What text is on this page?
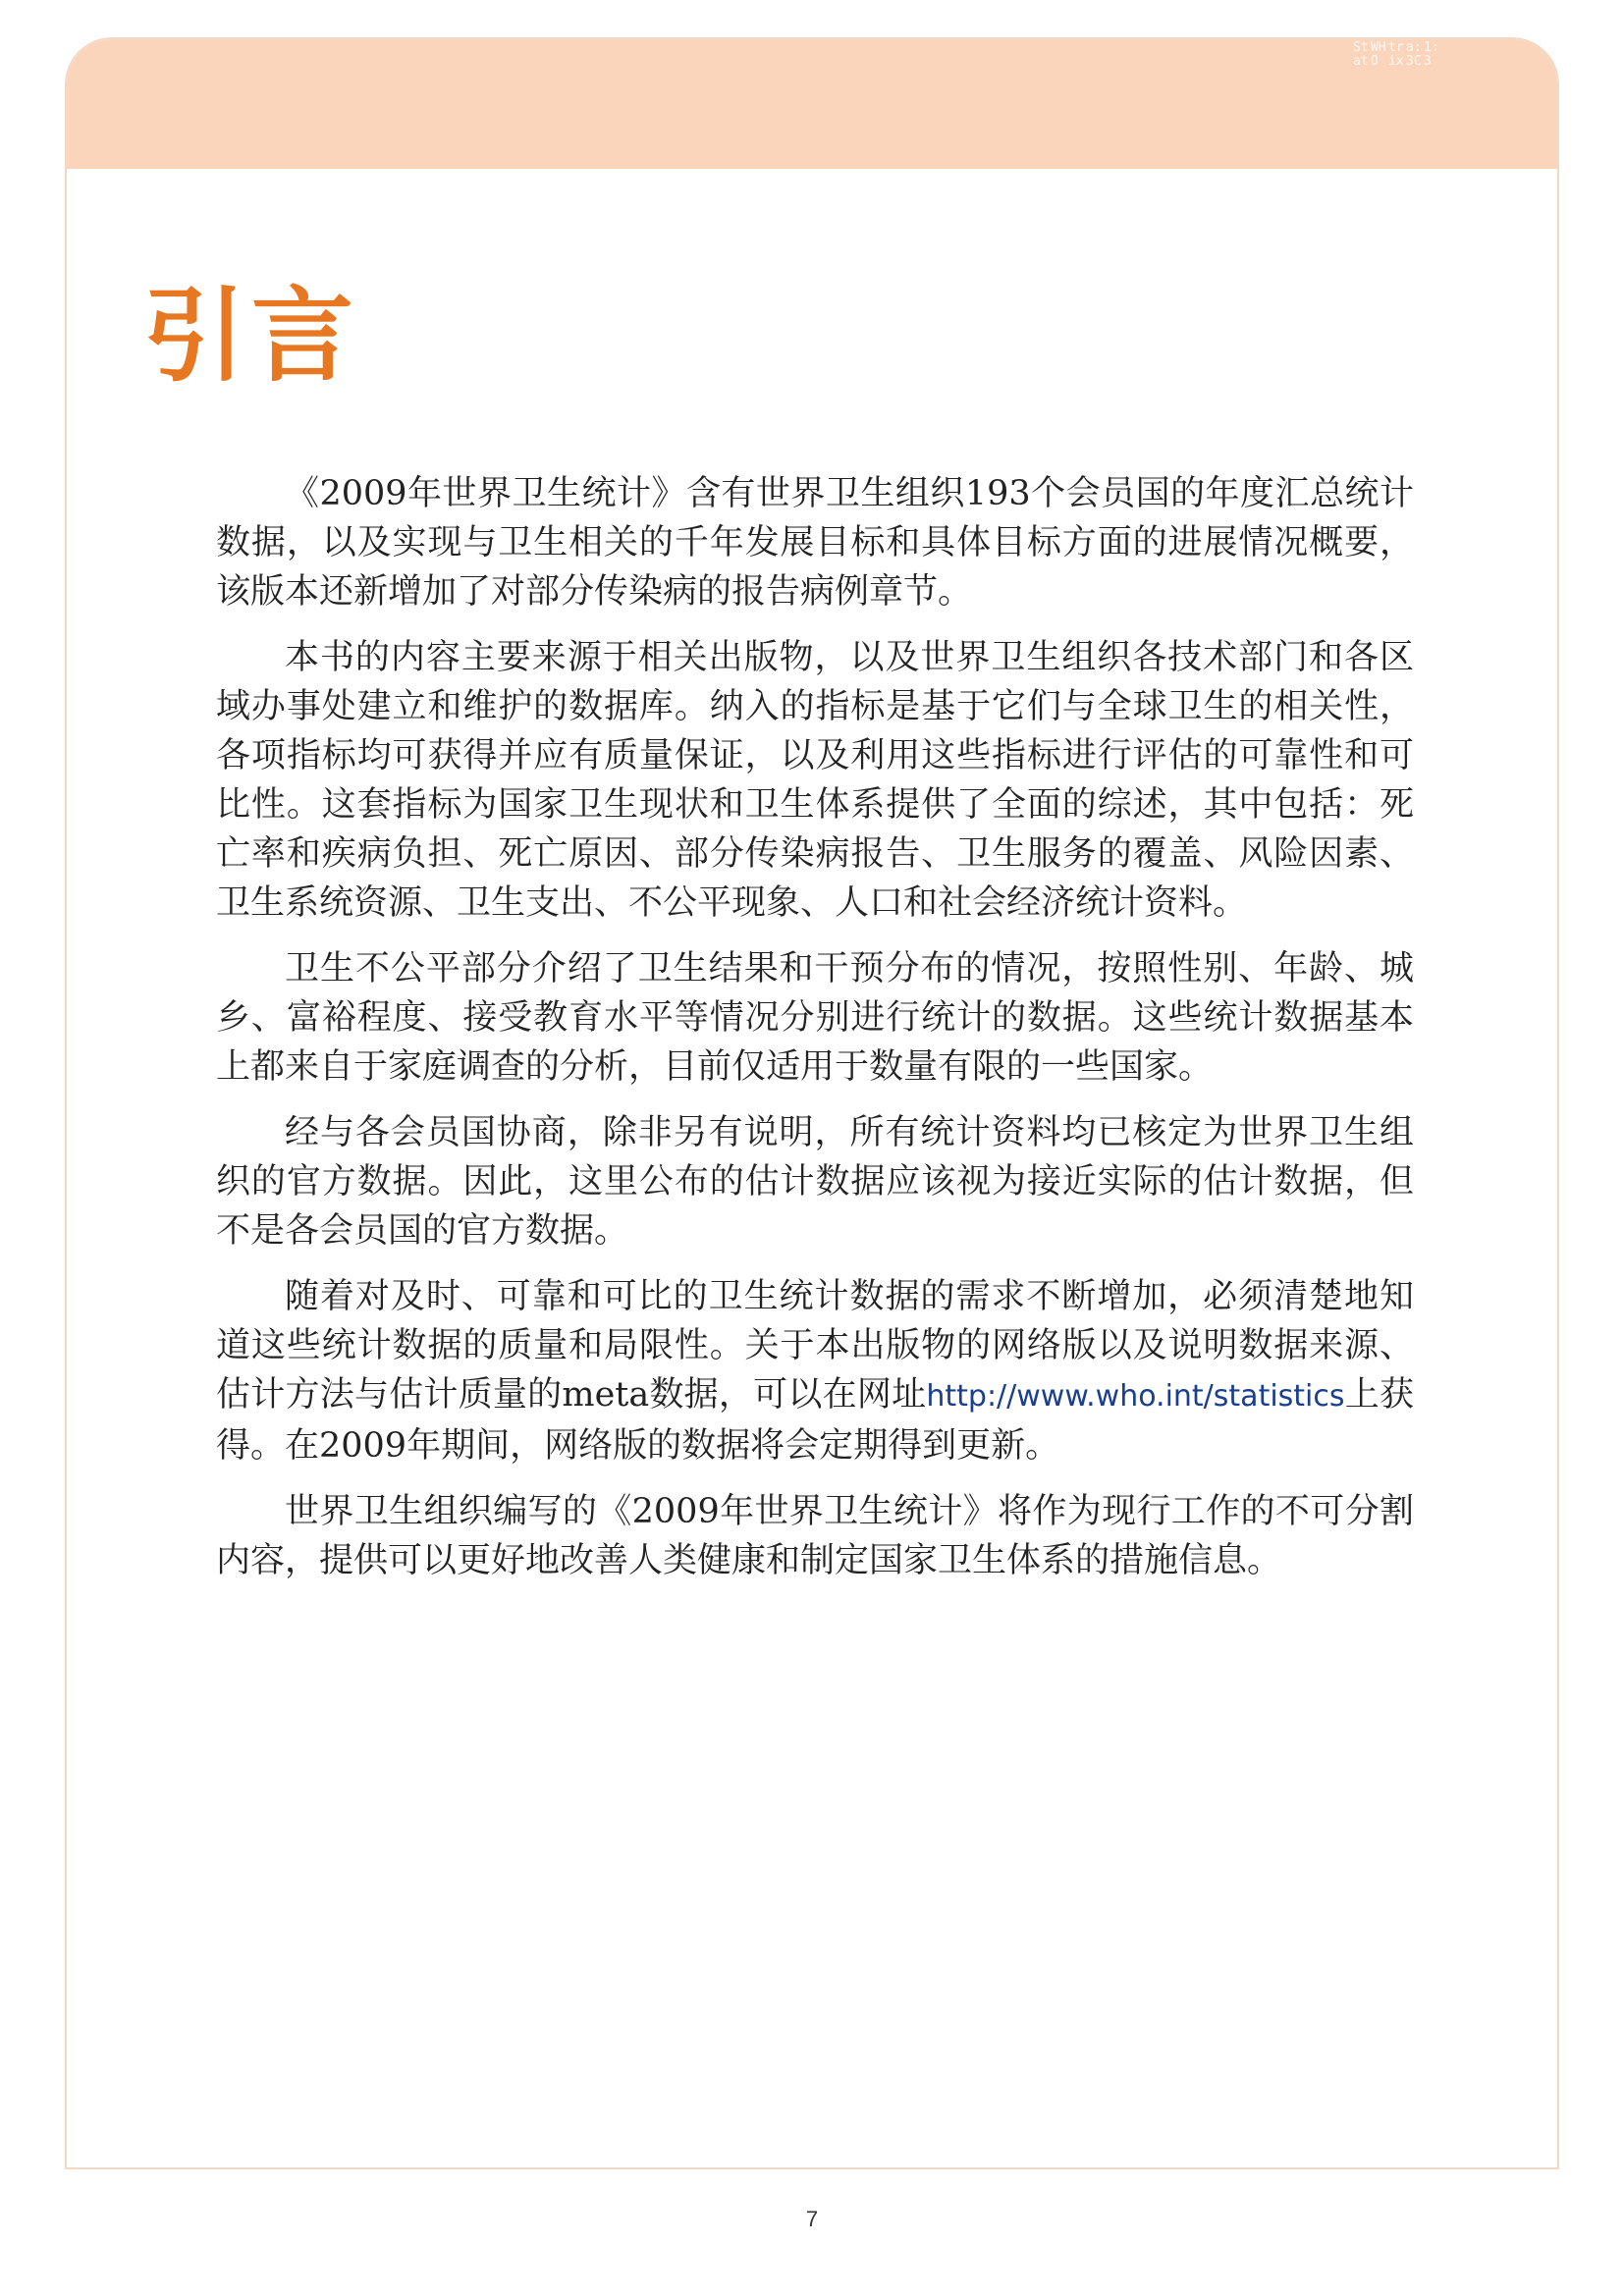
Stat
WHO
trix
a:3C
1:3
引言

《2009年世界卫生统计》含有世界卫生组织193个会员国的年度汇总统计数据，以及实现与卫生相关的千年发展目标和具体目标方面的进展情况概要，该版本还新增加了对部分传染病的报告病例章节。

本书的内容主要来源于相关出版物，以及世界卫生组织各技术部门和各区域办事处建立和维护的数据库。纳入的指标是基于它们与全球卫生的相关性，各项指标均可获得并应有质量保证，以及利用这些指标进行评估的可靠性和可比性。这套指标为国家卫生现状和卫生体系提供了全面的综述，其中包括：死亡率和疾病负担、死亡原因、部分传染病报告、卫生服务的覆盖、风险因素、卫生系统资源、卫生支出、不公平现象、人口和社会经济统计资料。

卫生不公平部分介绍了卫生结果和干预分布的情况，按照性别、年龄、城乡、富裕程度、接受教育水平等情况分别进行统计的数据。这些统计数据基本上都来自于家庭调查的分析，目前仅适用于数量有限的一些国家。

经与各会员国协商，除非另有说明，所有统计资料均已核定为世界卫生组织的官方数据。因此，这里公布的估计数据应该视为接近实际的估计数据，但不是各会员国的官方数据。

随着对及时、可靠和可比的卫生统计数据的需求不断增加，必须清楚地知道这些统计数据的质量和局限性。关于本出版物的网络版以及说明数据来源、估计方法与估计质量的meta数据，可以在网址http://www.who.int/statistics上获得。在2009年期间，网络版的数据将会定期得到更新。

世界卫生组织编写的《2009年世界卫生统计》将作为现行工作的不可分割内容，提供可以更好地改善人类健康和制定国家卫生体系的措施信息。

7
